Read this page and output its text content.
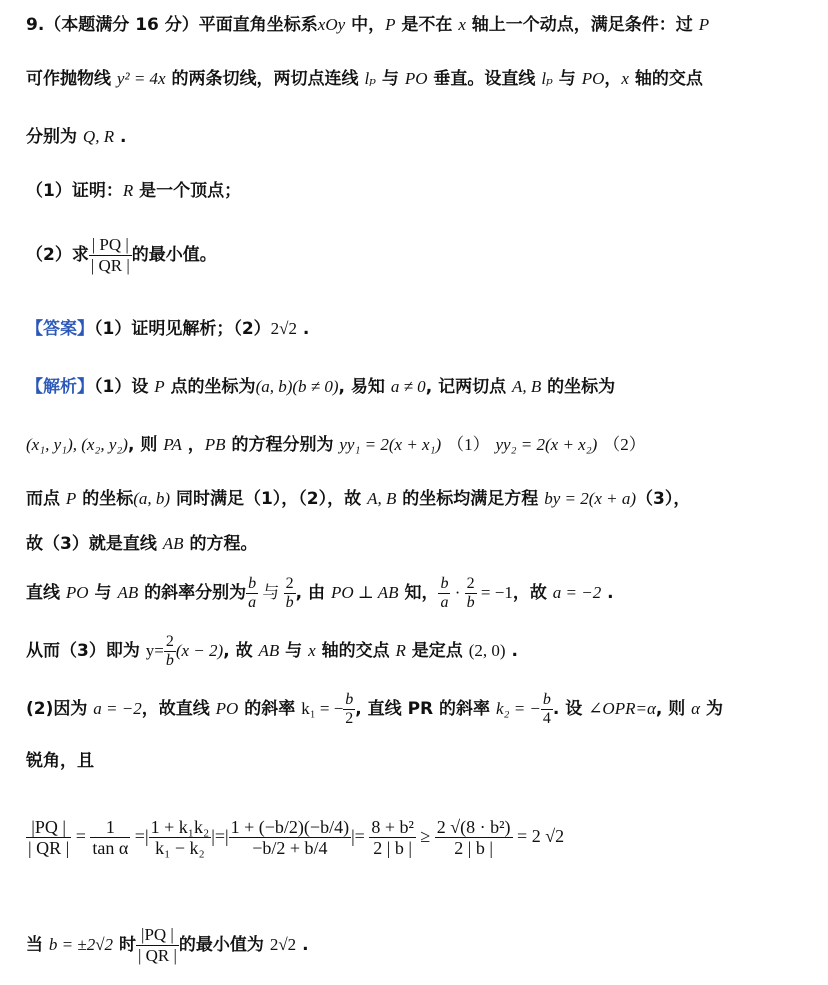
9.（本题满分 16 分）平面直角坐标系xOy 中，P 是不在 x 轴上一个动点，满足条件：过 P
可作抛物线 y² = 4x 的两条切线，两切点连线 lₚ 与 PO 垂直。设直线 lₚ 与 PO，x 轴的交点
分别为 Q, R .
（1）证明：R 是一个顶点；
（2）求 $\frac{| PQ |}{| QR |}$ 的最小值。
【答案】（1）证明见解析；（2）2√2 .
【解析】（1）设 P 点的坐标为(a, b)(b ≠ 0), 易知 a ≠ 0, 记两切点 A, B 的坐标为
(x₁, y₁), (x₂, y₂), 则 PA ，PB 的方程分别为 yy₁ = 2(x + x₁) （1） yy₂ = 2(x + x₂) （2）
而点 P 的坐标(a, b) 同时满足（1），（2），故 A, B 的坐标均满足方程 by = 2(x + a)（3），
故（3）就是直线 AB 的方程。
直线 PO 与 AB 的斜率分别为 $\frac{b}{a}$ 与 $\frac{2}{b}$ , 由 PO ⊥ AB 知， $\frac{b}{a} \cdot \frac{2}{b} = -1$，故 a = −2 .
从而（3）即为 $y= \frac{2}{b} (x - 2)$, 故 AB 与 x 轴的交点 R 是定点 (2, 0) .
(2)因为 a = −2，故直线 PO 的斜率 k₁ = − $\frac{b}{2}$ , 直线 PR 的斜率 k₂ = − $\frac{b}{4}$ . 设 ∠OPR=α, 则 α 为
锐角，且
$\frac{|PQ |}{| QR |} = \frac{1}{\text{tan α}}$ =| $\frac{\text{1 + k₁k₂}}{\text{k₁ − k₂}}$ |=| $\frac{1 + (-b/2)(-b/4)}{-b/2 + b/4}$ |= $\frac{\text{8 + b²}}{2 | b |} \ge \frac{\text{2 √(8 · b²)}}{2 | b |} = 2$ √2
当 b = ±2√2 时 $\frac{|PQ |}{| QR |}$ 的最小值为 2√2 .
